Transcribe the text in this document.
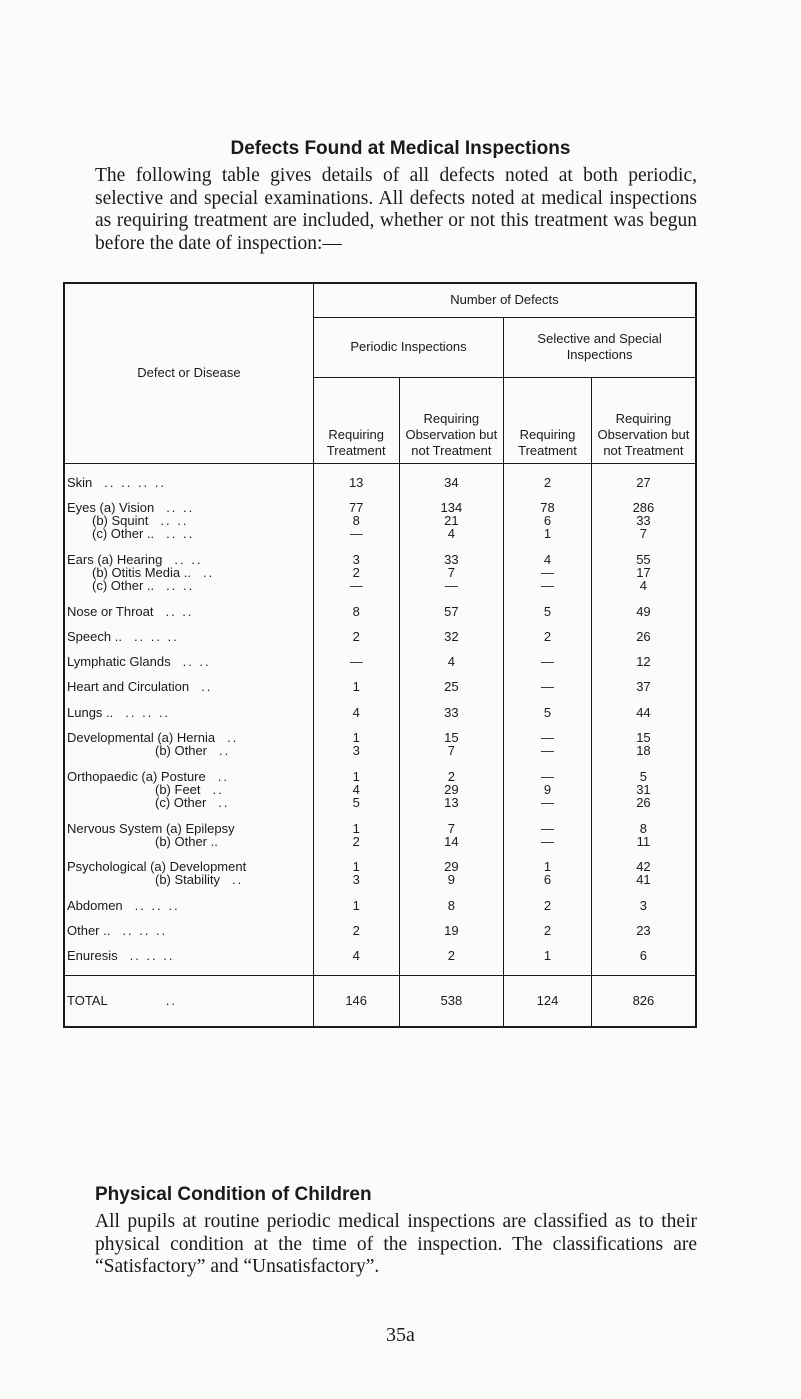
Defects Found at Medical Inspections
The following table gives details of all defects noted at both periodic, selective and special examinations. All defects noted at medical inspections as requiring treatment are included, whether or not this treatment was begun before the date of inspection:—
Defect or Disease	Number of Defects			
	Periodic Inspections		Selective and Special Inspections	
	Requiring Treatment	Requiring Observation but not Treatment	Requiring Treatment	Requiring Observation but not Treatment

Skin .. .. .. ..	13	34	2	27

Eyes (a) Vision .. ..	77	134	78	286
(b) Squint .. ..	8	21	6	33
(c) Other .. .. ..	—	4	1	7

Ears (a) Hearing .. ..	3	33	4	55
(b) Otitis Media .. ..	2	7	—	17
(c) Other .. .. ..	—	—	—	4

Nose or Throat .. ..	8	57	5	49

Speech .. .. .. ..	2	32	2	26

Lymphatic Glands .. ..	—	4	—	12

Heart and Circulation ..	1	25	—	37

Lungs .. .. .. ..	4	33	5	44

Developmental (a) Hernia ..	1	15	—	15
(b) Other ..	3	7	—	18

Orthopaedic (a) Posture ..	1	2	—	5
(b) Feet ..	4	29	9	31
(c) Other ..	5	13	—	26

Nervous System (a) Epilepsy	1	7	—	8
(b) Other ..	2	14	—	11

Psychological (a) Development	1	29	1	42
(b) Stability ..	3	9	6	41

Abdomen .. .. ..	1	8	2	3

Other .. .. .. ..	2	19	2	23

Enuresis .. .. ..	4	2	1	6

TOTAL ..	146	538	124	826
Physical Condition of Children
All pupils at routine periodic medical inspections are classified as to their physical condition at the time of the inspection. The classifications are “Satisfactory” and “Unsatisfactory”.
35a
